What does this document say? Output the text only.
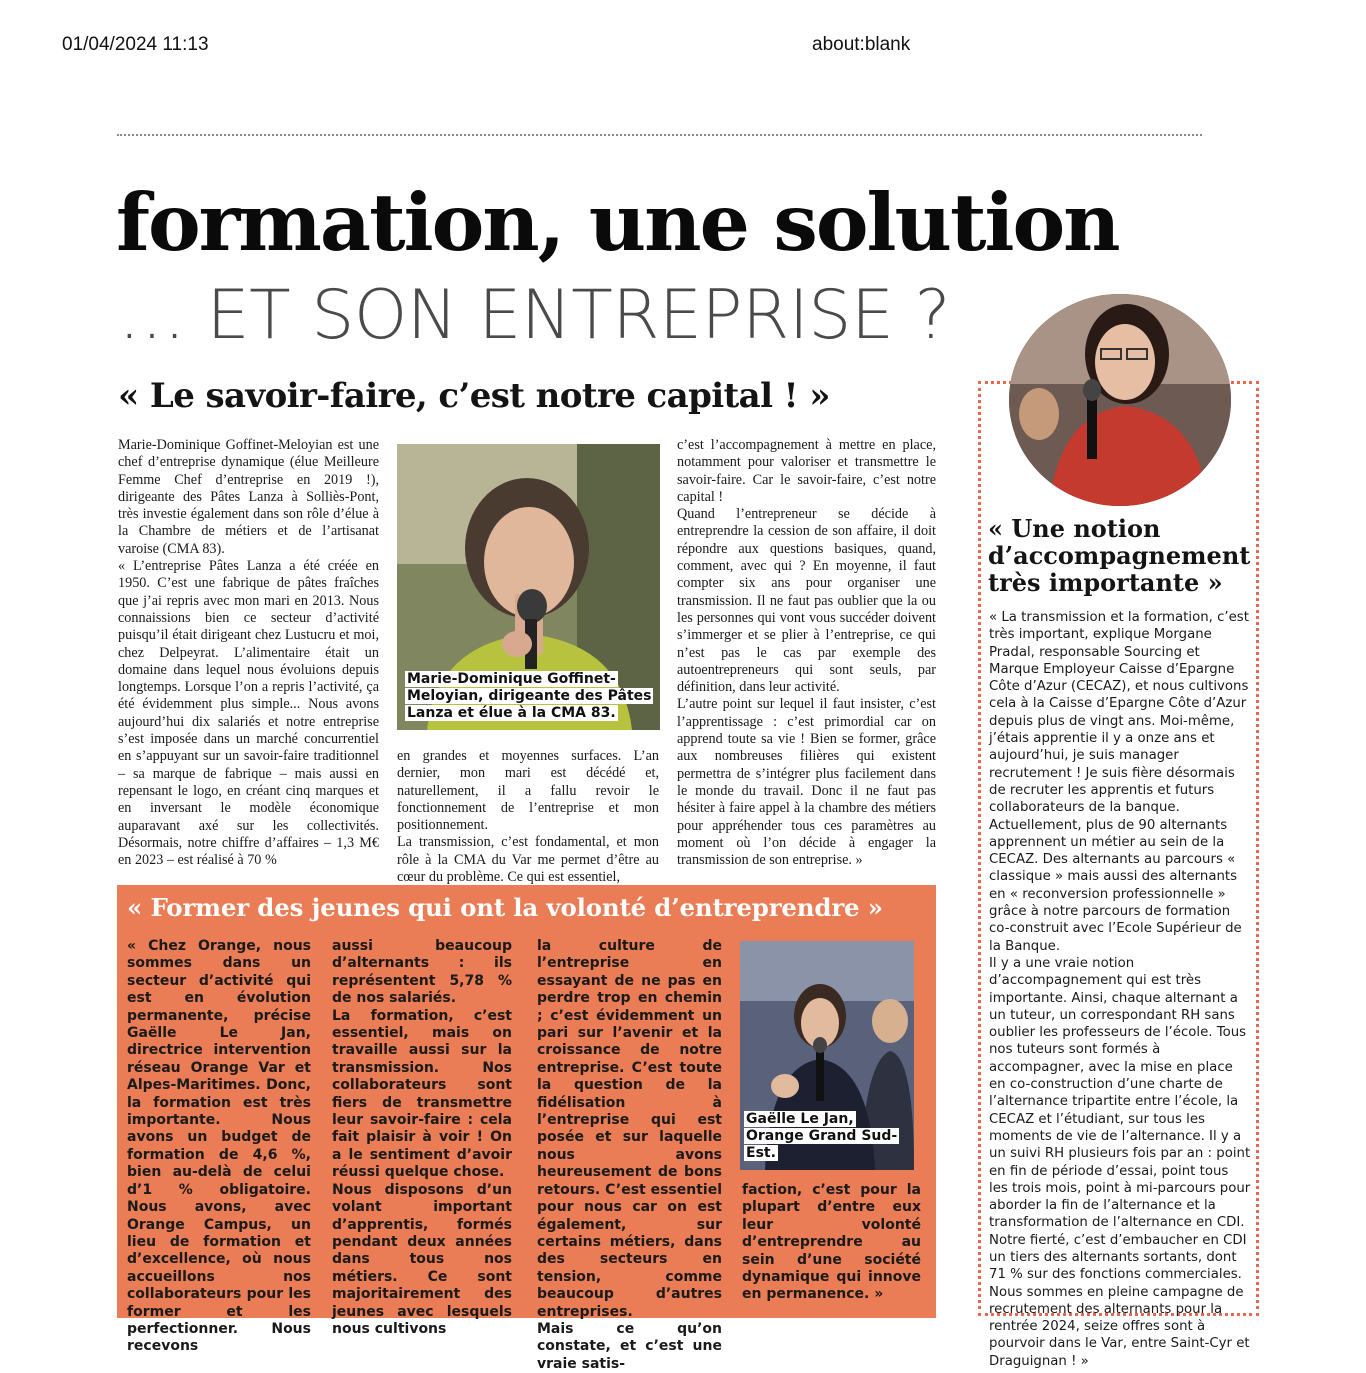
01/04/2024 11:13	about:blank
formation, une solution
… ET SON ENTREPRISE ?
« Le savoir-faire, c’est notre capital ! »

Marie-Dominique Goffinet-Meloyian est une chef d’entreprise dynamique (élue Meilleure Femme Chef d’entreprise en 2019 !), dirigeante des Pâtes Lanza à Solliès-Pont, très investie également dans son rôle d’élue à la Chambre de métiers et de l’artisanat varoise (CMA 83).

« L’entreprise Pâtes Lanza a été créée en 1950. C’est une fabrique de pâtes fraîches que j’ai repris avec mon mari en 2013. Nous connaissions bien ce secteur d’activité puisqu’il était dirigeant chez Lustucru et moi, chez Delpeyrat. L’alimentaire était un domaine dans lequel nous évoluions depuis longtemps. Lorsque l’on a repris l’activité, ça été évidemment plus simple... Nous avons aujourd’hui dix salariés et notre entreprise s’est imposée dans un marché concurrentiel en s’appuyant sur un savoir-faire traditionnel – sa marque de fabrique – mais aussi en repensant le logo, en créant cinq marques et en inversant le modèle économique auparavant axé sur les collectivités. Désormais, notre chiffre d’affaires – 1,3 M€ en 2023 – est réalisé à 70 %

Marie-Dominique Goffinet-Meloyian, dirigeante des Pâtes Lanza et élue à la CMA 83.

en grandes et moyennes surfaces. L’an dernier, mon mari est décédé et, naturellement, il a fallu revoir le fonctionnement de l’entreprise et mon positionnement.

La transmission, c’est fondamental, et mon rôle à la CMA du Var me permet d’être au cœur du problème. Ce qui est essentiel,

c’est l’accompagnement à mettre en place, notamment pour valoriser et transmettre le savoir-faire. Car le savoir-faire, c’est notre capital !

Quand l’entrepreneur se décide à entreprendre la cession de son affaire, il doit répondre aux questions basiques, quand, comment, avec qui ? En moyenne, il faut compter six ans pour organiser une transmission. Il ne faut pas oublier que la ou les personnes qui vont vous succéder doivent s’immerger et se plier à l’entreprise, ce qui n’est pas le cas par exemple des autoentrepreneurs qui sont seuls, par définition, dans leur activité.

L’autre point sur lequel il faut insister, c’est l’apprentissage : c’est primordial car on apprend toute sa vie ! Bien se former, grâce aux nombreuses filières qui existent permettra de s’intégrer plus facilement dans le monde du travail. Donc il ne faut pas hésiter à faire appel à la chambre des métiers pour appréhender tous ces paramètres au moment où l’on décide à engager la transmission de son entreprise. »

« Former des jeunes qui ont la volonté d’entreprendre »

« Chez Orange, nous sommes dans un secteur d’activité qui est en évolution permanente, précise Gaëlle Le Jan, directrice intervention réseau Orange Var et Alpes-Maritimes. Donc, la formation est très importante. Nous avons un budget de formation de 4,6 %, bien au-delà de celui d’1 % obligatoire. Nous avons, avec Orange Campus, un lieu de formation et d’excellence, où nous accueillons nos collaborateurs pour les former et les perfectionner. Nous recevons

aussi beaucoup d’alternants : ils représentent 5,78 % de nos salariés.

La formation, c’est essentiel, mais on travaille aussi sur la transmission. Nos collaborateurs sont fiers de transmettre leur savoir-faire : cela fait plaisir à voir ! On a le sentiment d’avoir réussi quelque chose.

Nous disposons d’un volant important d’apprentis, formés pendant deux années dans tous nos métiers. Ce sont majoritairement des jeunes avec lesquels nous cultivons

la culture de l’entreprise en essayant de ne pas en perdre trop en chemin ; c’est évidemment un pari sur l’avenir et la croissance de notre entreprise. C’est toute la question de la fidélisation à l’entreprise qui est posée et sur laquelle nous avons heureusement de bons retours. C’est essentiel pour nous car on est également, sur certains métiers, dans des secteurs en tension, comme beaucoup d’autres entreprises.

Mais ce qu’on constate, et c’est une vraie satis-

Gaëlle Le Jan, Orange Grand Sud-Est.

faction, c’est pour la plupart d’entre eux leur volonté d’entreprendre au sein d’une société dynamique qui innove en permanence. »

« Une notion d’accompagnement très importante »

« La transmission et la formation, c’est très important, explique Morgane Pradal, responsable Sourcing et Marque Employeur Caisse d’Epargne Côte d’Azur (CECAZ), et nous cultivons cela à la Caisse d’Epargne Côte d’Azur depuis plus de vingt ans. Moi-même, j’étais apprentie il y a onze ans et aujourd’hui, je suis manager recrutement ! Je suis fière désormais de recruter les apprentis et futurs collaborateurs de la banque.

Actuellement, plus de 90 alternants apprennent un métier au sein de la CECAZ. Des alternants au parcours « classique » mais aussi des alternants en « reconversion professionnelle » grâce à notre parcours de formation co-construit avec l’Ecole Supérieur de la Banque.

Il y a une vraie notion d’accompagnement qui est très importante. Ainsi, chaque alternant a un tuteur, un correspondant RH sans oublier les professeurs de l’école. Tous nos tuteurs sont formés à accompagner, avec la mise en place en co-construction d’une charte de l’alternance tripartite entre l’école, la CECAZ et l’étudiant, sur tous les moments de vie de l’alternance. Il y a un suivi RH plusieurs fois par an : point en fin de période d’essai, point tous les trois mois, point à mi-parcours pour aborder la fin de l’alternance et la transformation de l’alternance en CDI. Notre fierté, c’est d’embaucher en CDI un tiers des alternants sortants, dont 71 % sur des fonctions commerciales. Nous sommes en pleine campagne de recrutement des alternants pour la rentrée 2024, seize offres sont à pourvoir dans le Var, entre Saint-Cyr et Draguignan ! »
